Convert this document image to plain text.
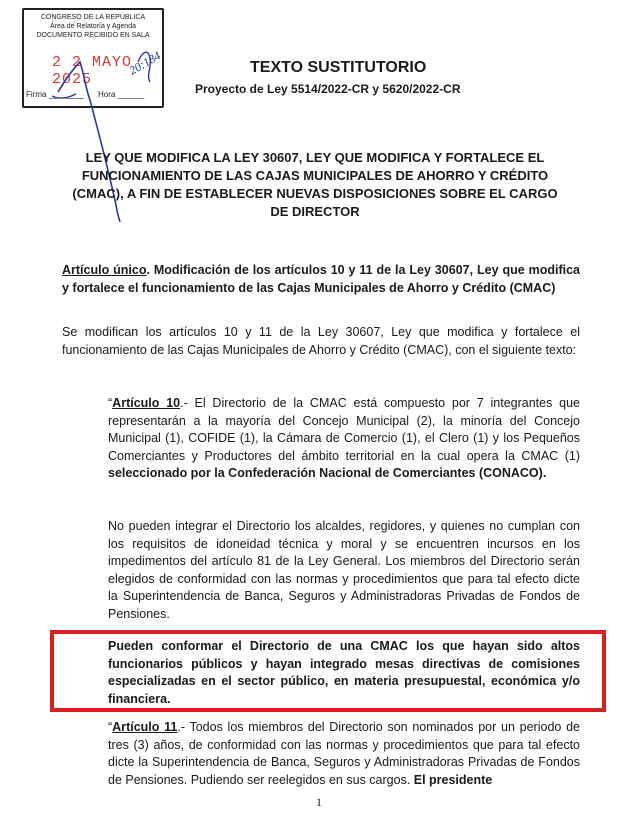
CONGRESO DE LA REPÚBLICA
Área de Relatoría y Agenda
DOCUMENTO RECIBIDO EN SALA
2 2 MAYO 2025
20:184
Firma ________ Hora ______
TEXTO SUSTITUTORIO
Proyecto de Ley 5514/2022-CR y 5620/2022-CR
LEY QUE MODIFICA LA LEY 30607, LEY QUE MODIFICA Y FORTALECE EL
FUNCIONAMIENTO DE LAS CAJAS MUNICIPALES DE AHORRO Y CRÉDITO
(CMAC), A FIN DE ESTABLECER NUEVAS DISPOSICIONES SOBRE EL CARGO
DE DIRECTOR
Artículo único. Modificación de los artículos 10 y 11 de la Ley 30607, Ley que modifica y fortalece el funcionamiento de las Cajas Municipales de Ahorro y Crédito (CMAC)
Se modifican los artículos 10 y 11 de la Ley 30607, Ley que modifica y fortalece el funcionamiento de las Cajas Municipales de Ahorro y Crédito (CMAC), con el siguiente texto:
“Artículo 10.- El Directorio de la CMAC está compuesto por 7 integrantes que representarán a la mayoría del Concejo Municipal (2), la minoría del Concejo Municipal (1), COFIDE (1), la Cámara de Comercio (1), el Clero (1) y los Pequeños Comerciantes y Productores del ámbito territorial en la cual opera la CMAC (1) seleccionado por la Confederación Nacional de Comerciantes (CONACO).
No pueden integrar el Directorio los alcaldes, regidores, y quienes no cumplan con los requisitos de idoneidad técnica y moral y se encuentren incursos en los impedimentos del artículo 81 de la Ley General. Los miembros del Directorio serán elegidos de conformidad con las normas y procedimientos que para tal efecto dicte la Superintendencia de Banca, Seguros y Administradoras Privadas de Fondos de Pensiones.
Pueden conformar el Directorio de una CMAC los que hayan sido altos funcionarios públicos y hayan integrado mesas directivas de comisiones especializadas en el sector público, en materia presupuestal, económica y/o financiera.
“Artículo 11.- Todos los miembros del Directorio son nominados por un periodo de tres (3) años, de conformidad con las normas y procedimientos que para tal efecto dicte la Superintendencia de Banca, Seguros y Administradoras Privadas de Fondos de Pensiones. Pudiendo ser reelegidos en sus cargos. El presidente
1
